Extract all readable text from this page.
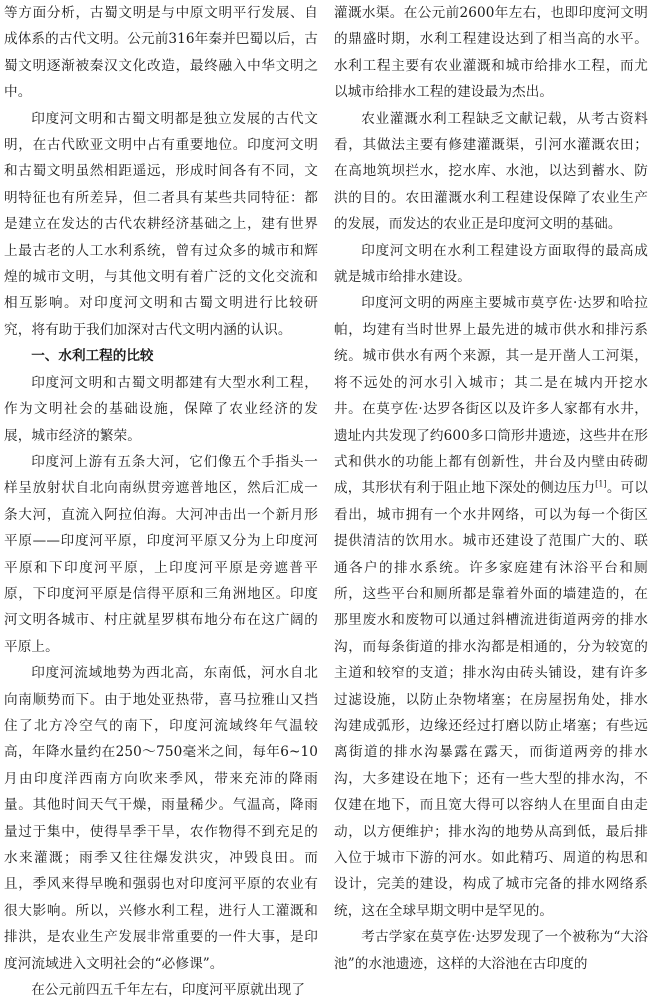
等方面分析，古蜀文明是与中原文明平行发展、自成体系的古代文明。公元前316年秦并巴蜀以后，古蜀文明逐渐被秦汉文化改造，最终融入中华文明之中。

印度河文明和古蜀文明都是独立发展的古代文明，在古代欧亚文明中占有重要地位。印度河文明和古蜀文明虽然相距遥远，形成时间各有不同，文明特征也有所差异，但二者具有某些共同特征：都是建立在发达的古代农耕经济基础之上，建有世界上最古老的人工水利系统，曾有过众多的城市和辉煌的城市文明，与其他文明有着广泛的文化交流和相互影响。对印度河文明和古蜀文明进行比较研究，将有助于我们加深对古代文明内涵的认识。

一、水利工程的比较

印度河文明和古蜀文明都建有大型水利工程，作为文明社会的基础设施，保障了农业经济的发展，城市经济的繁荣。

印度河上游有五条大河，它们像五个手指头一样呈放射状自北向南纵贯旁遮普地区，然后汇成一条大河，直流入阿拉伯海。大河冲击出一个新月形平原——印度河平原，印度河平原又分为上印度河平原和下印度河平原，上印度河平原是旁遮普平原，下印度河平原是信得平原和三角洲地区。印度河文明各城市、村庄就星罗棋布地分布在这广阔的平原上。

印度河流域地势为西北高，东南低，河水自北向南顺势而下。由于地处亚热带，喜马拉雅山又挡住了北方冷空气的南下，印度河流域终年气温较高，年降水量约在250～750毫米之间，每年6~10月由印度洋西南方向吹来季风，带来充沛的降雨量。其他时间天气干燥，雨量稀少。气温高，降雨量过于集中，使得旱季干旱，农作物得不到充足的水来灌溉；雨季又往往爆发洪灾，冲毁良田。而且，季风来得早晚和强弱也对印度河平原的农业有很大影响。所以，兴修水利工程，进行人工灌溉和排洪，是农业生产发展非常重要的一件大事，是印度河流域进入文明社会的“必修课”。

在公元前四五千年左右，印度河平原就出现了

灌溉水渠。在公元前2600年左右，也即印度河文明的鼎盛时期，水利工程建设达到了相当高的水平。水利工程主要有农业灌溉和城市给排水工程，而尤以城市给排水工程的建设最为杰出。

农业灌溉水利工程缺乏文献记载，从考古资料看，其做法主要有修建灌溉渠，引河水灌溉农田；在高地筑坝拦水，挖水库、水池，以达到蓄水、防洪的目的。农田灌溉水利工程建设保障了农业生产的发展，而发达的农业正是印度河文明的基础。

印度河文明在水利工程建设方面取得的最高成就是城市给排水建设。

印度河文明的两座主要城市莫亨佐·达罗和哈拉帕，均建有当时世界上最先进的城市供水和排污系统。城市供水有两个来源，其一是开凿人工河渠，将不远处的河水引入城市；其二是在城内开挖水井。在莫亨佐·达罗各街区以及许多人家都有水井，遗址内共发现了约600多口筒形井遗迹，这些井在形式和供水的功能上都有创新性，井台及内壁由砖砌成，其形状有利于阻止地下深处的侧边压力[1]。可以看出，城市拥有一个水井网络，可以为每一个街区提供清洁的饮用水。城市还建设了范围广大的、联通各户的排水系统。许多家庭建有沐浴平台和厕所，这些平台和厕所都是靠着外面的墙建造的，在那里废水和废物可以通过斜槽流进街道两旁的排水沟，而每条街道的排水沟都是相通的，分为较宽的主道和较窄的支道；排水沟由砖头铺设，建有许多过滤设施，以防止杂物堵塞；在房屋拐角处，排水沟建成弧形，边缘还经过打磨以防止堵塞；有些远离街道的排水沟暴露在露天，而街道两旁的排水沟，大多建设在地下；还有一些大型的排水沟，不仅建在地下，而且宽大得可以容纳人在里面自由走动，以方便维护；排水沟的地势从高到低，最后排入位于城市下游的河水。如此精巧、周道的构思和设计，完美的建设，构成了城市完备的排水网络系统，这在全球早期文明中是罕见的。

考古学家在莫亨佐·达罗发现了一个被称为“大浴池”的水池遗迹，这样的大浴池在古印度的
